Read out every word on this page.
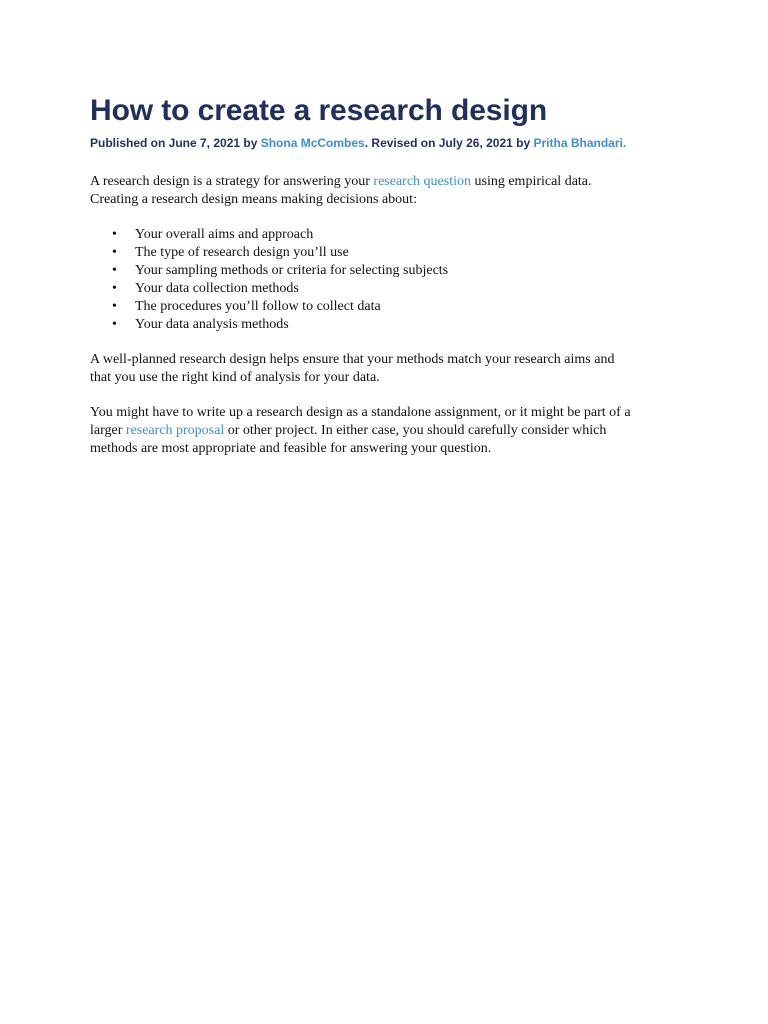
How to create a research design
Published on June 7, 2021 by Shona McCombes. Revised on July 26, 2021 by Pritha Bhandari.

A research design is a strategy for answering your research question using empirical data.
Creating a research design means making decisions about:

• Your overall aims and approach
• The type of research design you’ll use
• Your sampling methods or criteria for selecting subjects
• Your data collection methods
• The procedures you’ll follow to collect data
• Your data analysis methods

A well-planned research design helps ensure that your methods match your research aims and
that you use the right kind of analysis for your data.

You might have to write up a research design as a standalone assignment, or it might be part of a
larger research proposal or other project. In either case, you should carefully consider which
methods are most appropriate and feasible for answering your question.
